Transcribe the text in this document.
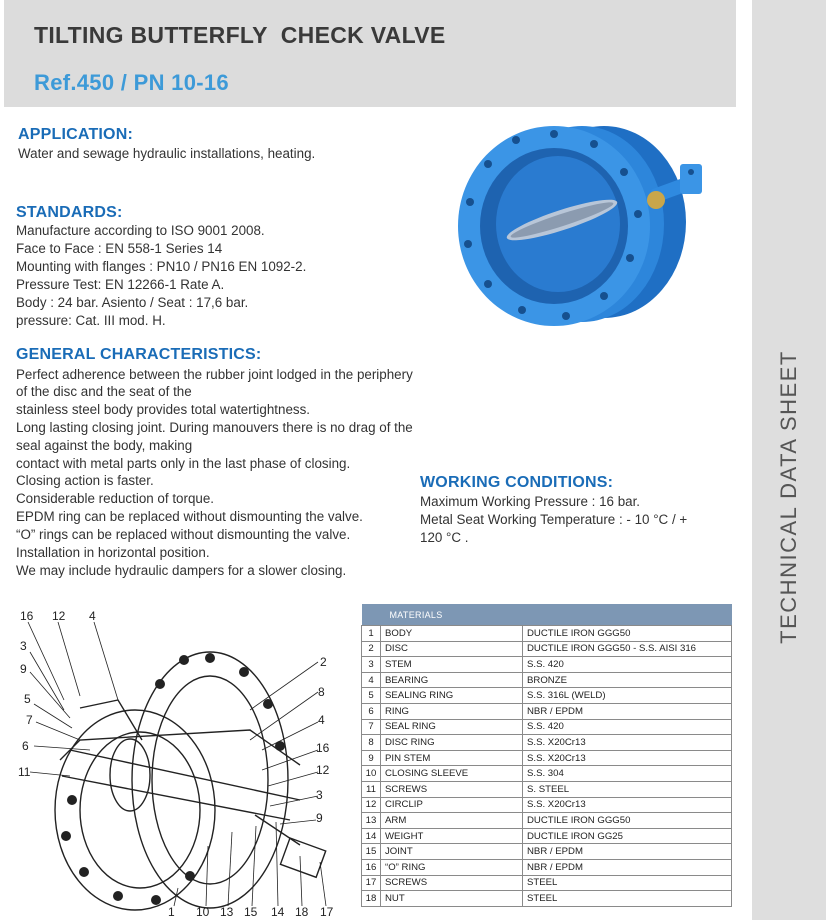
TILTING BUTTERFLY  CHECK VALVE
Ref.450 / PN 10-16
TECHNICAL DATA SHEET
APPLICATION:

Water and sewage hydraulic installations, heating.

STANDARDS:

Manufacture according to ISO 9001 2008.

Face to Face : EN 558-1 Series 14

Mounting with flanges : PN10 / PN16 EN 1092-2.

Pressure Test: EN 12266-1 Rate A.

Body : 24 bar. Asiento / Seat : 17,6 bar.

pressure: Cat. III mod. H.

GENERAL CHARACTERISTICS:

Perfect adherence between the rubber joint lodged in the periphery

of the disc and the seat of the

stainless steel body provides total watertightness.

Long lasting closing joint. During manouvers there is no drag of the

seal against the body, making

contact with metal parts only in the last phase of closing.

Closing action is faster.

Considerable reduction of torque.

EPDM ring can be replaced without dismounting the valve.

“O” rings can be replaced without dismounting the valve.

Installation in horizontal position.

We may include hydraulic dampers for a slower closing.

WORKING CONDITIONS:

Maximum Working Pressure : 16 bar.

Metal Seat Working Temperature : - 10 °C / +

120 °C .

16 12 4
3
9
5
7
6
11
2
8
4
16
12
3
9
1 10 13 15 14 18 17
MATERIALS		
1	BODY	DUCTILE IRON GGG50
2	DISC	DUCTILE IRON GGG50 - S.S. AISI 316
3	STEM	S.S. 420
4	BEARING	BRONZE
5	SEALING RING	S.S. 316L (WELD)
6	RING	NBR / EPDM
7	SEAL RING	S.S. 420
8	DISC RING	S.S. X20Cr13
9	PIN STEM	S.S. X20Cr13
10	CLOSING SLEEVE	S.S. 304
11	SCREWS	S. STEEL
12	CIRCLIP	S.S. X20Cr13
13	ARM	DUCTILE IRON GGG50
14	WEIGHT	DUCTILE IRON GG25
15	JOINT	NBR / EPDM
16	“O” RING	NBR / EPDM
17	SCREWS	STEEL
18	NUT	STEEL
